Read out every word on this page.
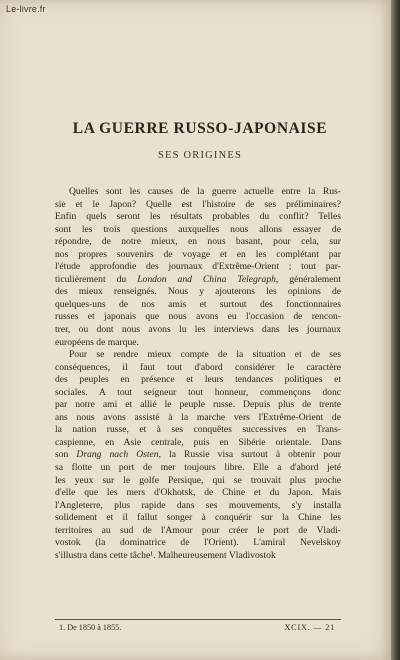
Le-livre.fr
LA GUERRE RUSSO-JAPONAISE
SES ORIGINES
Quelles sont les causes de la guerre actuelle entre la Rus-
sie et le Japon? Quelle est l'histoire de ses préliminaires?
Enfin quels seront les résultats probables du conflit? Telles
sont les trois questions auxquelles nous allons essayer de
répondre, de notre mieux, en nous basant, pour cela, sur
nos propres souvenirs de voyage et en les complétant par
l'étude approfondie des journaux d'Extrême-Orient ; tout par-
ticulièrement du London and China Telegraph, généralement
des mieux renseignés. Nous y ajouterons les opinions de
quelques-uns de nos amis et surtout des fonctionnaires
russes et japonais que nous avons eu l'occasion de rencon-
trer, ou dont nous avons lu les interviews dans les journaux
européens de marque.
Pour se rendre mieux compte de la situation et de ses
conséquences, il faut tout d'abord considérer le caractère
des peuples en présence et leurs tendances politiques et
sociales. A tout seigneur tout honneur, commençons donc
par notre ami et allié le peuple russe. Depuis plus de trente
ans nous avons assisté à la marche vers l'Extrême-Orient de
la nation russe, et à ses conquêtes successives en Trans-
caspienne, en Asie centrale, puis en Sibérie orientale. Dans
son Drang nach Osten, la Russie visa surtout à obtenir pour
sa flotte un port de mer toujours libre. Elle a d'abord jeté
les yeux sur le golfe Persique, qui se trouvait plus proche
d'elle que les mers d'Okhotsk, de Chine et du Japon. Mais
l'Angleterre, plus rapide dans ses mouvements, s'y installa
solidement et il fallut songer à conquérir sur la Chine les
territoires au sud de l'Amour pour créer le port de Vladi-
vostok (la dominatrice de l'Orient). L'amiral Nevelskoy
s'illustra dans cette tâche¹. Malheureusement Vladivostok
1. De 1850 à 1855.	XCIX. — 21
